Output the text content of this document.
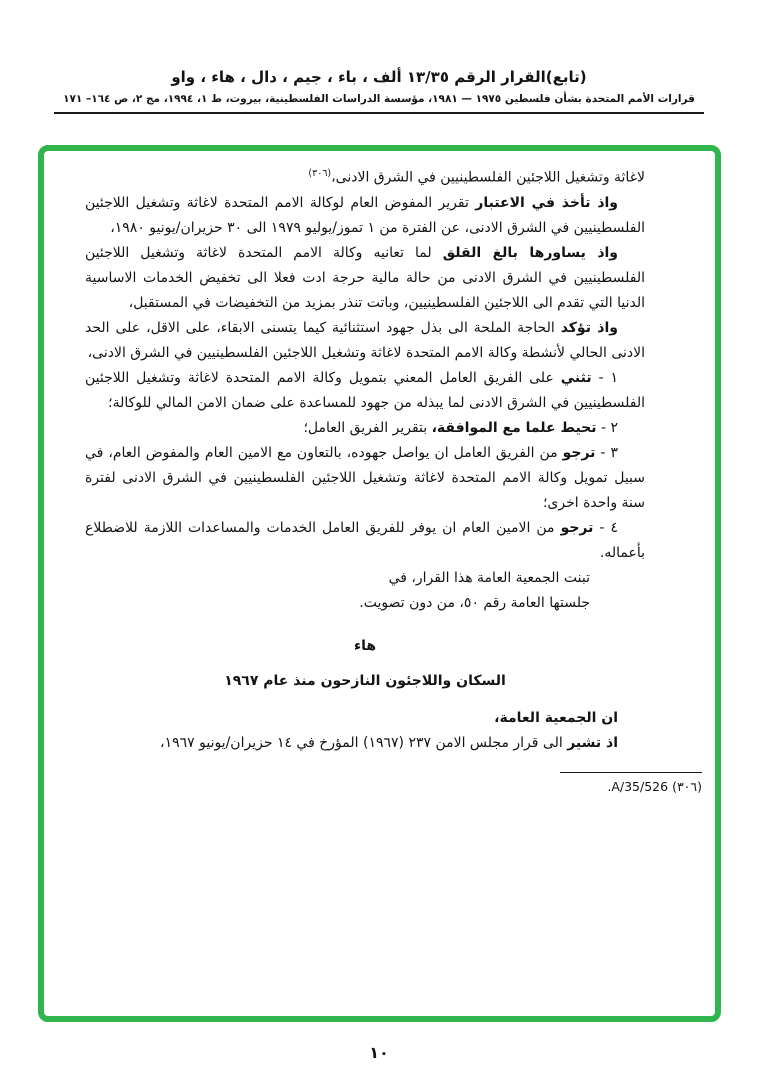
(تابع)القرار الرقم ١٣/٣٥ ألف ، باء ، جيم ، دال ، هاء ، واو
قرارات الأمم المتحدة بشأن فلسطين ١٩٧٥ — ١٩٨١، مؤسسة الدراسات الفلسطينية، بيروت، ط ١، ١٩٩٤، مج ٢، ص ١٦٤– ١٧١

لاغاثة وتشغيل اللاجئين الفلسطينيين في الشرق الادنى،$^{(٣٠٦)}$

واذ تأخذ في الاعتبار تقرير المفوض العام لوكالة الامم المتحدة لاغاثة وتشغيل اللاجئين الفلسطينيين في الشرق الادنى، عن الفترة من ١ تموز/يوليو ١٩٧٩ الى ٣٠ حزيران/يونيو ١٩٨٠،

واذ يساورها بالغ القلق لما تعانيه وكالة الامم المتحدة لاغاثة وتشغيل اللاجئين الفلسطينيين في الشرق الادنى من حالة مالية حرجة ادت فعلا الى تخفيض الخدمات الاساسية الدنيا التي تقدم الى اللاجئين الفلسطينيين، وباتت تنذر بمزيد من التخفيضات في المستقبل،

واذ تؤكد الحاجة الملحة الى بذل جهود استثنائية كيما يتسنى الابقاء، على الاقل، على الحد الادنى الحالي لأنشطة وكالة الامم المتحدة لاغاثة وتشغيل اللاجئين الفلسطينيين في الشرق الادنى،

١ - تثني على الفريق العامل المعني بتمويل وكالة الامم المتحدة لاغاثة وتشغيل اللاجئين الفلسطينيين في الشرق الادنى لما يبذله من جهود للمساعدة على ضمان الامن المالي للوكالة؛

٢ - تحيط علما مع الموافقة، بتقرير الفريق العامل؛

٣ - ترجو من الفريق العامل ان يواصل جهوده، بالتعاون مع الامين العام والمفوض العام، في سبيل تمويل وكالة الامم المتحدة لاغاثة وتشغيل اللاجئين الفلسطينيين في الشرق الادنى لفترة سنة واحدة اخرى؛

٤ - ترجو من الامين العام ان يوفر للفريق العامل الخدمات والمساعدات اللازمة للاضطلاع بأعماله.

تبنت الجمعية العامة هذا القرار، في جلستها العامة رقم ٥٠، من دون تصويت.

هاء

السكان واللاجئون النازحون منذ عام ١٩٦٧

ان الجمعية العامة،

اذ تشير الى قرار مجلس الامن ٢٣٧ (١٩٦٧) المؤرخ في ١٤ حزيران/يونيو ١٩٦٧،

(٣٠٦) A/35/526.
١٠
